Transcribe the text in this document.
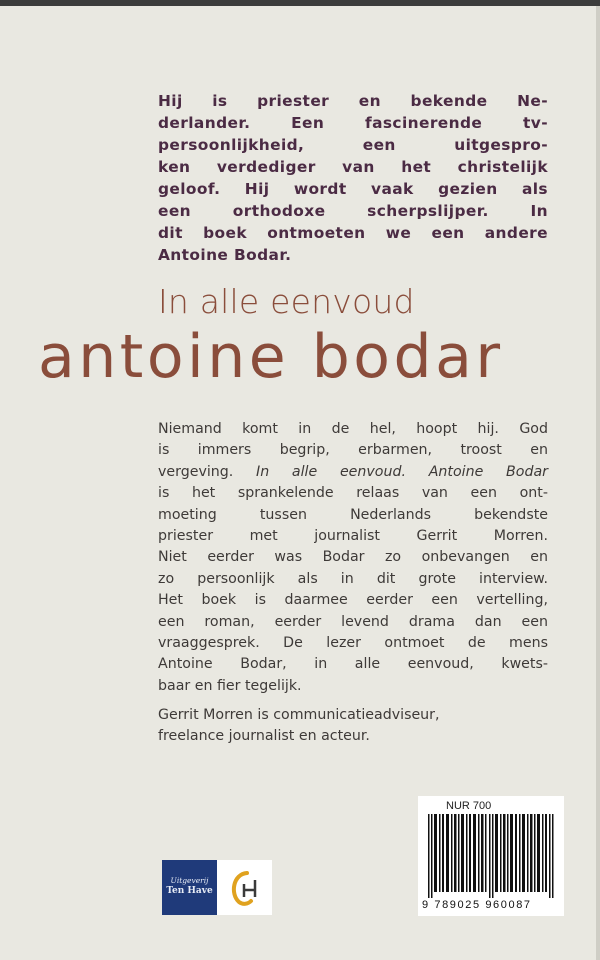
Hij is priester en bekende Ne-
derlander. Een fascinerende tv-
persoonlijkheid, een uitgespro-
ken verdediger van het christelijk
geloof. Hij wordt vaak gezien als
een orthodoxe scherpslijper. In
dit boek ontmoeten we een andere
Antoine Bodar.
In alle eenvoud
antoine bodar
Niemand komt in de hel, hoopt hij. God
is immers begrip, erbarmen, troost en
vergeving. In alle eenvoud. Antoine Bodar
is het sprankelende relaas van een ont-
moeting tussen Nederlands bekendste
priester met journalist Gerrit Morren.
Niet eerder was Bodar zo onbevangen en
zo persoonlijk als in dit grote interview.
Het boek is daarmee eerder een vertelling,
een roman, eerder levend drama dan een
vraaggesprek. De lezer ontmoet de mens
Antoine Bodar, in alle eenvoud, kwets-
baar en fier tegelijk.
Gerrit Morren is communicatieadviseur,
freelance journalist en acteur.
Uitgeverij
Ten Have
NUR 700
9 789025 960087
